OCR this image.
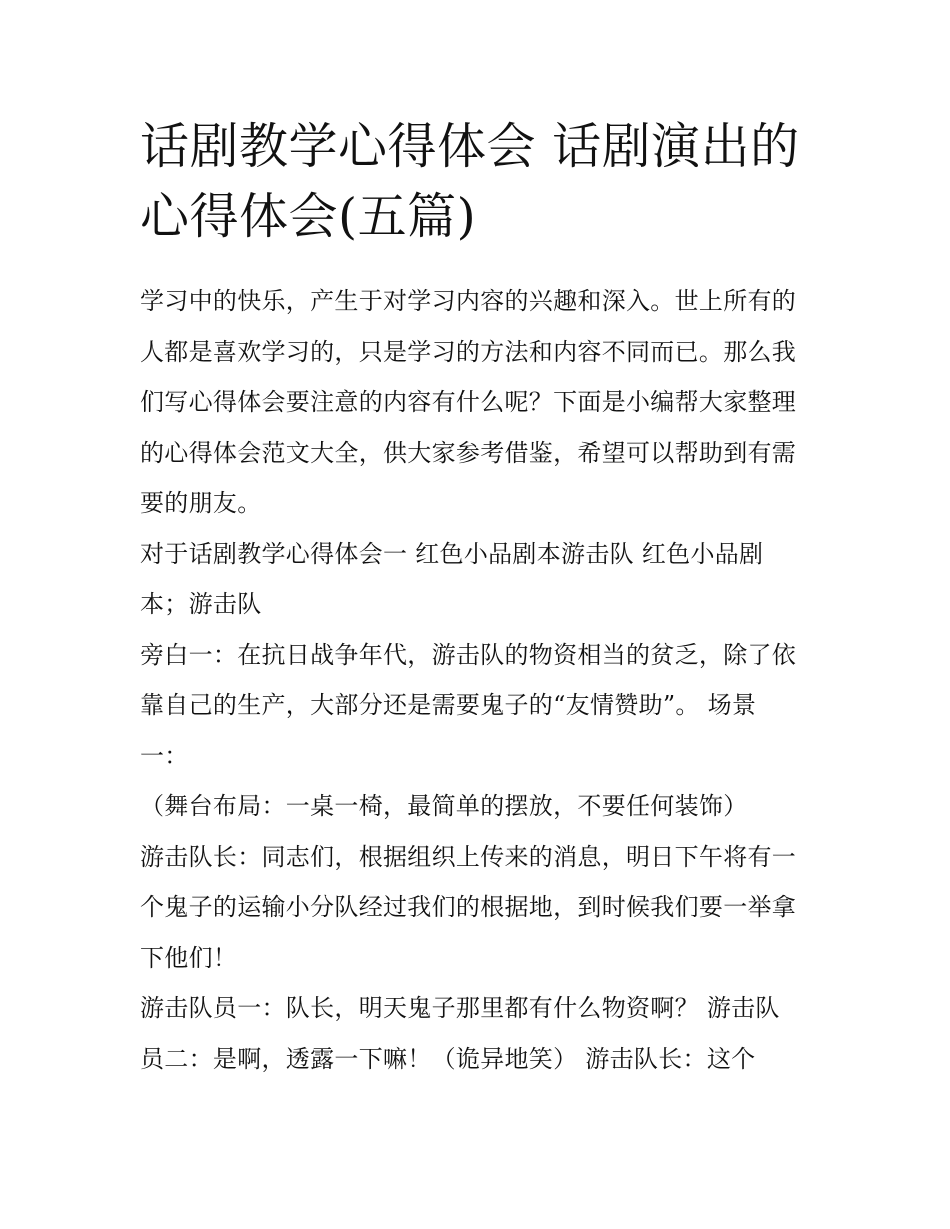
话剧教学心得体会 话剧演出的
心得体会(五篇)
学习中的快乐，产生于对学习内容的兴趣和深入。世上所有的
人都是喜欢学习的，只是学习的方法和内容不同而已。那么我
们写心得体会要注意的内容有什么呢？下面是小编帮大家整理
的心得体会范文大全，供大家参考借鉴，希望可以帮助到有需
要的朋友。
对于话剧教学心得体会一 红色小品剧本游击队 红色小品剧
本；游击队
旁白一：在抗日战争年代，游击队的物资相当的贫乏，除了依
靠自己的生产，大部分还是需要鬼子的“友情赞助”。 场景
一：
（舞台布局：一桌一椅，最简单的摆放，不要任何装饰）
游击队长：同志们，根据组织上传来的消息，明日下午将有一
个鬼子的运输小分队经过我们的根据地，到时候我们要一举拿
下他们！
游击队员一：队长，明天鬼子那里都有什么物资啊？ 游击队
员二：是啊，透露一下嘛！（诡异地笑） 游击队长：这个
